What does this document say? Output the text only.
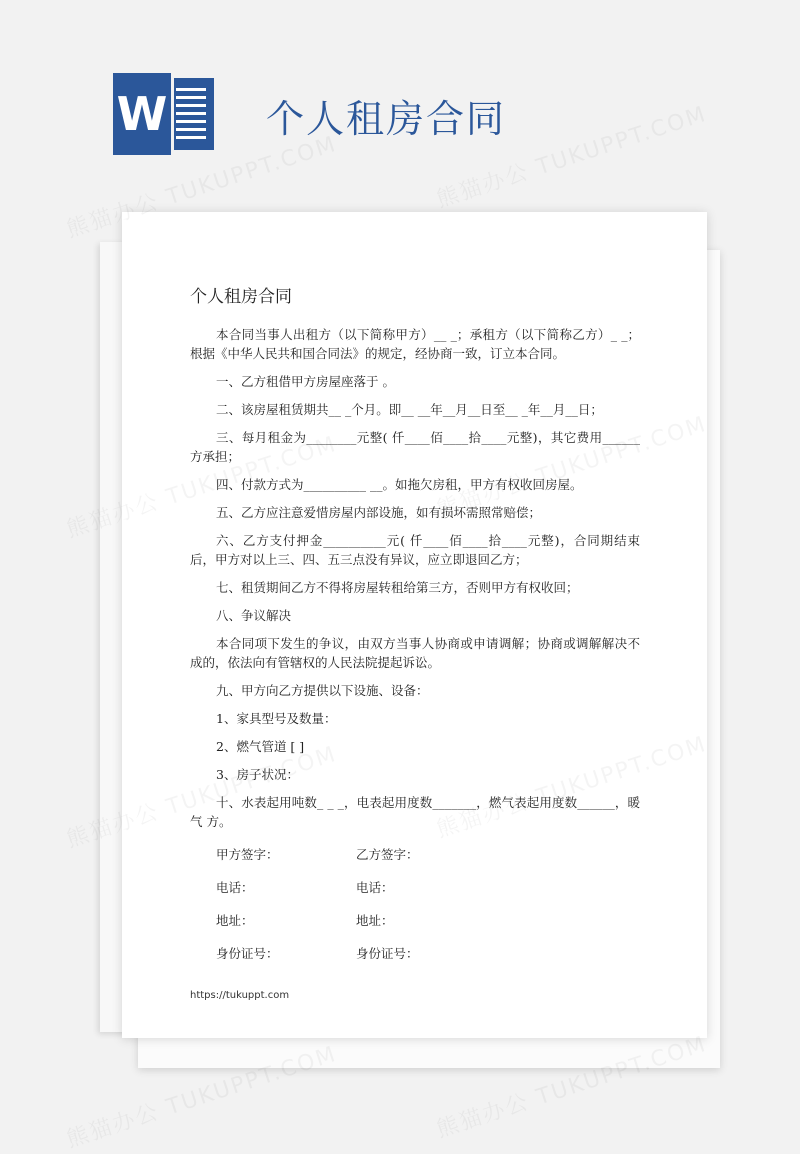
W	个人租房合同
个人租房合同

本合同当事人出租方（以下简称甲方）__ _；承租方（以下简称乙方）_ _；根据《中华人民共和国合同法》的规定，经协商一致，订立本合同。

一、乙方租借甲方房屋座落于 。

二、该房屋租赁期共__ _个月。即__ __年__月__日至__ _年__月__日；

三、每月租金为________元整( 仟____佰____拾____元整)，其它费用______方承担；

四、付款方式为__________ __。如拖欠房租，甲方有权收回房屋。

五、乙方应注意爱惜房屋内部设施，如有损坏需照常赔偿；

六、乙方支付押金__________元( 仟____佰____拾____元整)，合同期结束后，甲方对以上三、四、五三点没有异议，应立即退回乙方；

七、租赁期间乙方不得将房屋转租给第三方，否则甲方有权收回；

八、争议解决

本合同项下发生的争议，由双方当事人协商或申请调解；协商或调解解决不成的，依法向有管辖权的人民法院提起诉讼。

九、甲方向乙方提供以下设施、设备：

1、家具型号及数量：

2、燃气管道 [ ]

3、房子状况：

十、水表起用吨数_ _ _，电表起用度数_______，燃气表起用度数______，暖气 方。

甲方签字：	乙方签字：
电话：	电话：
地址：	地址：
身份证号：	身份证号：
https://tukuppt.com
